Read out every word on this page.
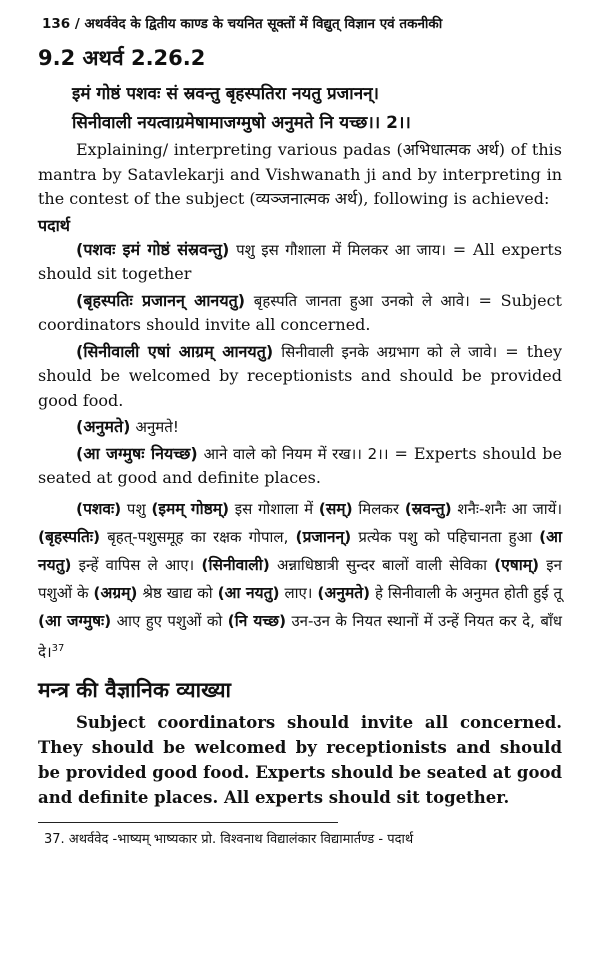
136 / अथर्ववेद के द्वितीय काण्ड के चयनित सूक्तों में विद्युत् विज्ञान एवं तकनीकी
9.2 अथर्व 2.26.2
इमं गोष्ठं पशवः सं स्रवन्तु बृहस्पतिरा नयतु प्रजानन्।
सिनीवाली नयत्वाग्रमेषामाजग्मुषो अनुमते नि यच्छ।। 2।।

Explaining/ interpreting various padas (अभिधात्मक अर्थ) of this mantra by Satavlekarji and Vishwanath ji and by interpreting in the contest of the subject (व्यञ्जनात्मक अर्थ), following is achieved:

पदार्थ

(पशवः इमं गोष्ठं संस्रवन्तु) पशु इस गौशाला में मिलकर आ जाय। = All experts should sit together

(बृहस्पतिः प्रजानन् आनयतु) बृहस्पति जानता हुआ उनको ले आवे। = Subject coordinators should invite all concerned.

(सिनीवाली एषां आग्रम् आनयतु) सिनीवाली इनके अग्रभाग को ले जावे। = they should be welcomed by receptionists and should be provided good food.

(अनुमते) अनुमते!

(आ जग्मुषः नियच्छ) आने वाले को नियम में रख।। 2।। = Experts should be seated at good and definite places.

(पशवः) पशु (इमम् गोष्ठम्) इस गोशाला में (सम्) मिलकर (स्रवन्तु) शनैः-शनैः आ जायें। (बृहस्पतिः) बृहत्-पशुसमूह का रक्षक गोपाल, (प्रजानन्) प्रत्येक पशु को पहिचानता हुआ (आ नयतु) इन्हें वापिस ले आए। (सिनीवाली) अन्नाधिष्ठात्री सुन्दर बालों वाली सेविका (एषाम्) इन पशुओं के (अग्रम्) श्रेष्ठ खाद्य को (आ नयतु) लाए। (अनुमते) हे सिनीवाली के अनुमत होती हुई तू (आ जग्मुषः) आए हुए पशुओं को (नि यच्छ) उन-उन के नियत स्थानों में उन्हें नियत कर दे, बाँध दे।$^{37}$

मन्त्र की वैज्ञानिक व्याख्या

Subject coordinators should invite all concerned. They should be welcomed by receptionists and should be provided good food. Experts should be seated at good and definite places. All experts should sit together.

37. अथर्ववेद -भाष्यम् भाष्यकार प्रो. विश्वनाथ विद्यालंकार विद्यामार्तण्ड - पदार्थ
